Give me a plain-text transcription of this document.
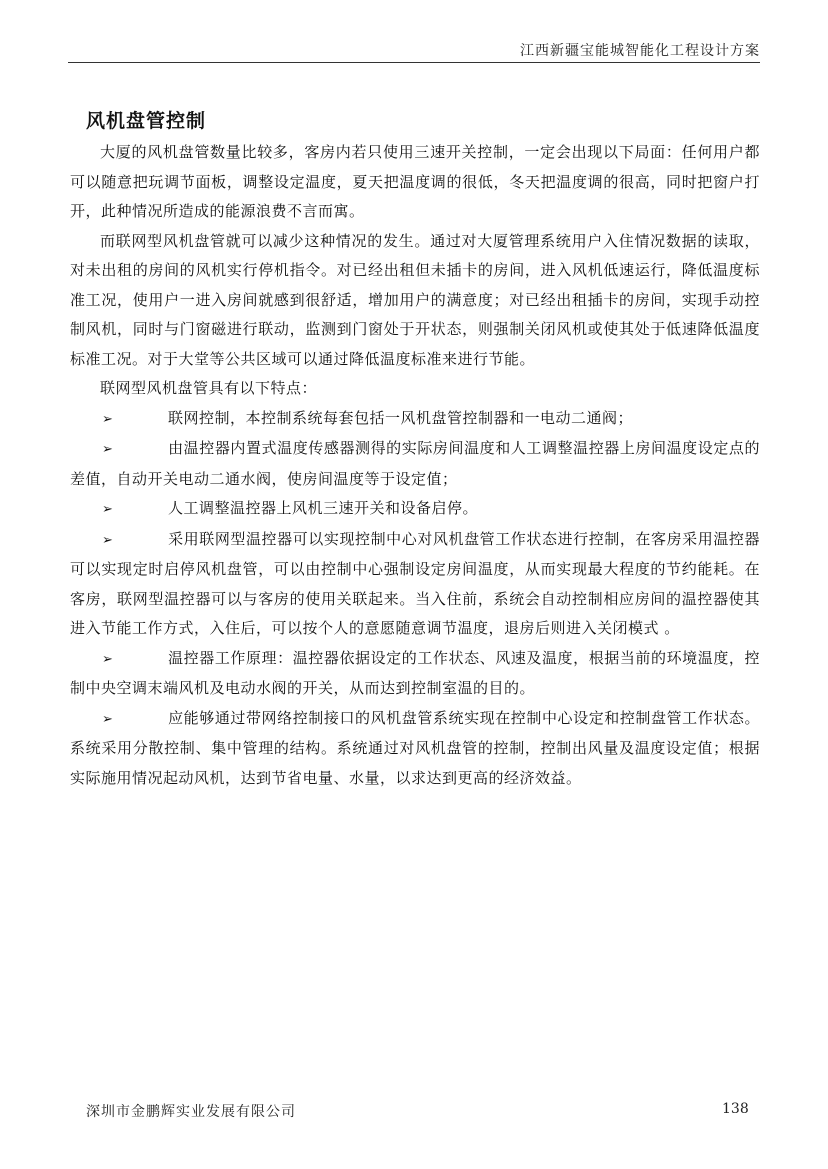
江西新疆宝能城智能化工程设计方案
风机盘管控制

大厦的风机盘管数量比较多，客房内若只使用三速开关控制，一定会出现以下局面：任何用户都可以随意把玩调节面板，调整设定温度，夏天把温度调的很低，冬天把温度调的很高，同时把窗户打开，此种情况所造成的能源浪费不言而寓。

而联网型风机盘管就可以减少这种情况的发生。通过对大厦管理系统用户入住情况数据的读取，对未出租的房间的风机实行停机指令。对已经出租但未插卡的房间，进入风机低速运行，降低温度标准工况，使用户一进入房间就感到很舒适，增加用户的满意度；对已经出租插卡的房间，实现手动控制风机，同时与门窗磁进行联动，监测到门窗处于开状态，则强制关闭风机或使其处于低速降低温度标准工况。对于大堂等公共区域可以通过降低温度标准来进行节能。

联网型风机盘管具有以下特点：

➢	联网控制，本控制系统每套包括一风机盘管控制器和一电动二通阀；

➢	由温控器内置式温度传感器测得的实际房间温度和人工调整温控器上房间温度设定点的差值，自动开关电动二通水阀，使房间温度等于设定值；

➢	人工调整温控器上风机三速开关和设备启停。

➢	采用联网型温控器可以实现控制中心对风机盘管工作状态进行控制，在客房采用温控器可以实现定时启停风机盘管，可以由控制中心强制设定房间温度，从而实现最大程度的节约能耗。在客房，联网型温控器可以与客房的使用关联起来。当入住前，系统会自动控制相应房间的温控器使其进入节能工作方式，入住后，可以按个人的意愿随意调节温度，退房后则进入关闭模式 。

➢	温控器工作原理：温控器依据设定的工作状态、风速及温度，根据当前的环境温度，控制中央空调末端风机及电动水阀的开关，从而达到控制室温的目的。

➢	应能够通过带网络控制接口的风机盘管系统实现在控制中心设定和控制盘管工作状态。系统采用分散控制、集中管理的结构。系统通过对风机盘管的控制，控制出风量及温度设定值；根据实际施用情况起动风机，达到节省电量、水量，以求达到更高的经济效益。

深圳市金鹏辉实业发展有限公司	138
